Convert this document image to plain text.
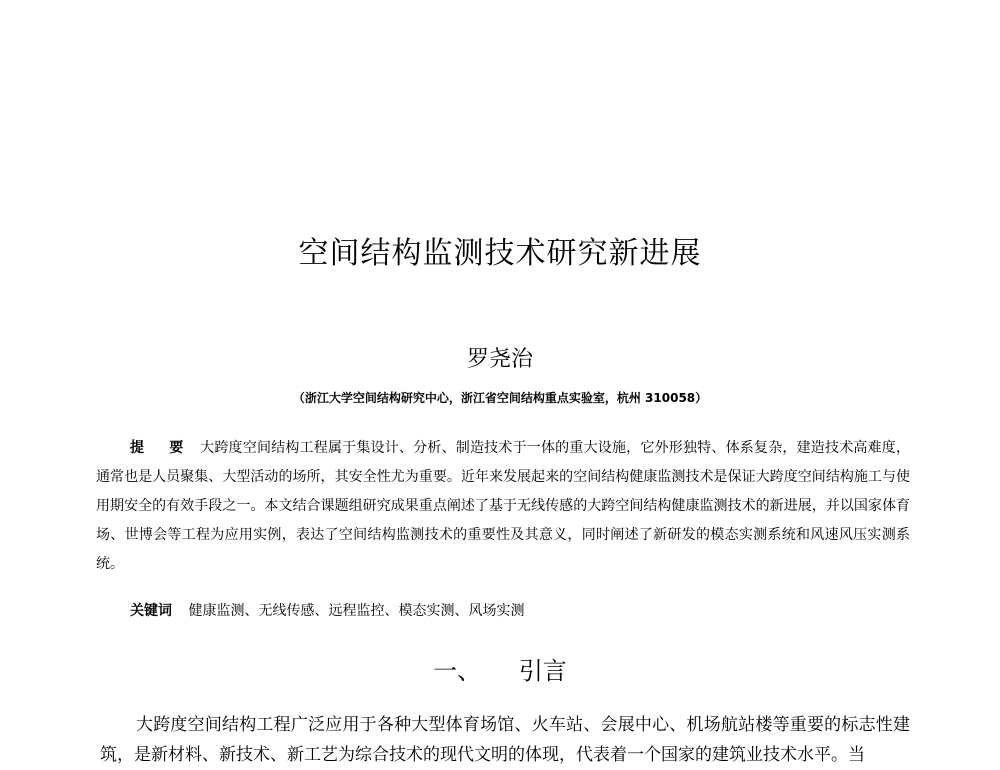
空间结构监测技术研究新进展
罗尧治
（浙江大学空间结构研究中心，浙江省空间结构重点实验室，杭州 310058）
提 要 大跨度空间结构工程属于集设计、分析、制造技术于一体的重大设施，它外形独特、体系复杂，建造技术高难度，通常也是人员聚集、大型活动的场所，其安全性尤为重要。近年来发展起来的空间结构健康监测技术是保证大跨度空间结构施工与使用期安全的有效手段之一。本文结合课题组研究成果重点阐述了基于无线传感的大跨空间结构健康监测技术的新进展，并以国家体育场、世博会等工程为应用实例，表达了空间结构监测技术的重要性及其意义，同时阐述了新研发的模态实测系统和风速风压实测系统。
关键词 健康监测、无线传感、远程监控、模态实测、风场实测
一、 引言
大跨度空间结构工程广泛应用于各种大型体育场馆、火车站、会展中心、机场航站楼等重要的标志性建筑，是新材料、新技术、新工艺为综合技术的现代文明的体现，代表着一个国家的建筑业技术水平。当
